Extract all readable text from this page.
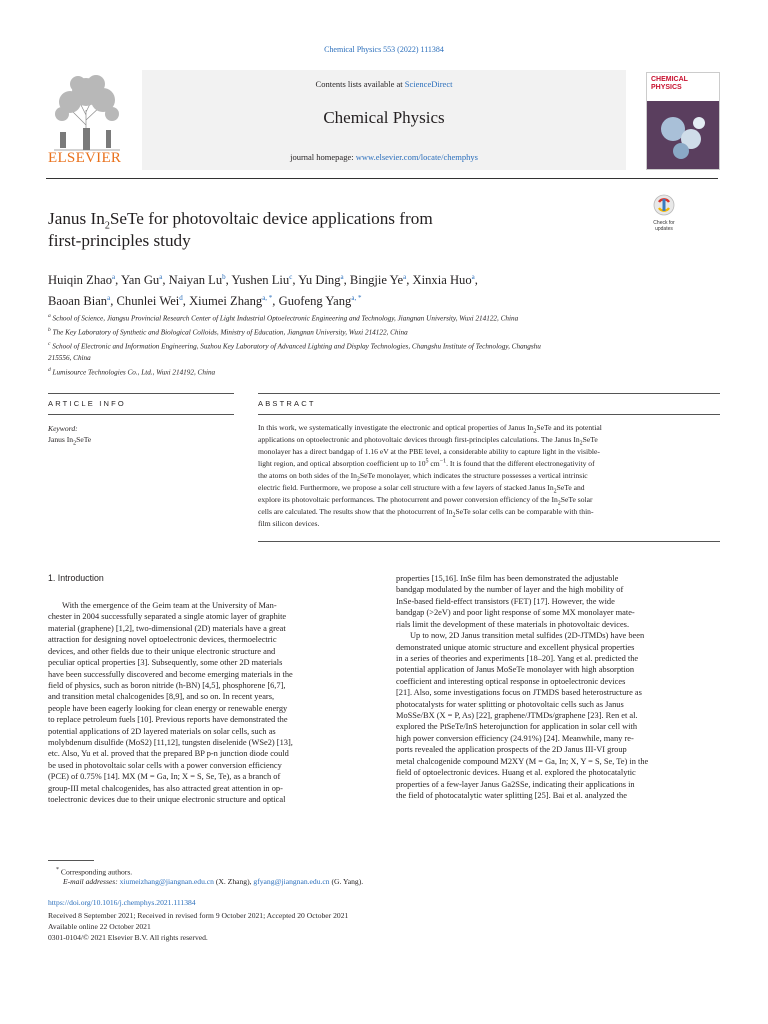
Chemical Physics 553 (2022) 111384
ELSEVIER
Contents lists available at ScienceDirect
Chemical Physics
journal homepage: www.elsevier.com/locate/chemphys
CHEMICAL
PHYSICS
Janus $In_2SeTe$ for photovoltaic device applications from
first-principles study
Check for
updates
Huiqin Zhao$^a$, Yan Gu$^a$, Naiyan Lu$^b$, Yushen Liu$^c$, Yu Ding$^a$, Bingjie Ye$^a$, Xinxia Huo$^a$,
Baoan Bian$^a$, Chunlei Wei$^d$, Xiumei Zhang$^{a, *}$, Guofeng Yang$^{a, *}$
$^a$ School of Science, Jiangsu Provincial Research Center of Light Industrial Optoelectronic Engineering and Technology, Jiangnan University, Wuxi 214122, China
$^b$ The Key Laboratory of Synthetic and Biological Colloids, Ministry of Education, Jiangnan University, Wuxi 214122, China
$^c$ School of Electronic and Information Engineering, Suzhou Key Laboratory of Advanced Lighting and Display Technologies, Changshu Institute of Technology, Changshu
215556, China
$^d$ Lumisource Technologies Co., Ltd., Wuxi 214192, China
ARTICLE INFO	ABSTRACT
Keyword:
Janus $In_2SeTe$
In this work, we systematically investigate the electronic and optical properties of Janus $In_2SeTe$ and its potential
applications on optoelectronic and photovoltaic devices through first-principles calculations. The Janus $In_2SeTe$
monolayer has a direct bandgap of 1.16 eV at the PBE level, a considerable ability to capture light in the visible-
light region, and optical absorption coefficient up to $10^5$ $cm^{-1}$. It is found that the different electronegativity of
the atoms on both sides of the $In_2SeTe$ monolayer, which indicates the structure possesses a vertical intrinsic
electric field. Furthermore, we propose a solar cell structure with a few layers of stacked Janus $In_2SeTe$ and
explore its photovoltaic performances. The photocurrent and power conversion efficiency of the $In_2SeTe$ solar
cells are calculated. The results show that the photocurrent of $In_2SeTe$ solar cells can be comparable with thin-
film silicon devices.
1. Introduction
With the emergence of the Geim team at the University of Man-
chester in 2004 successfully separated a single atomic layer of graphite
material (graphene) [1,2], two-dimensional (2D) materials have a great
attraction for designing novel optoelectronic devices, thermoelectric
devices, and other fields due to their unique electronic structure and
peculiar optical properties [3]. Subsequently, some other 2D materials
have been successfully discovered and become emerging materials in the
field of physics, such as boron nitride (h-BN) [4,5], phosphorene [6,7],
and transition metal chalcogenides [8,9], and so on. In recent years,
people have been eagerly looking for clean energy or renewable energy
to replace petroleum fuels [10]. Previous reports have demonstrated the
potential applications of 2D layered materials on solar cells, such as
molybdenum disulfide (MoS2) [11,12], tungsten diselenide (WSe2) [13],
etc. Also, Yu et al. proved that the prepared BP p-n junction diode could
be used in photovoltaic solar cells with a power conversion efficiency
(PCE) of 0.75% [14]. MX (M = Ga, In; X = S, Se, Te), as a branch of
group-III metal chalcogenides, has also attracted great attention in op-
toelectronic devices due to their unique electronic structure and optical
properties [15,16]. InSe film has been demonstrated the adjustable
bandgap modulated by the number of layer and the high mobility of
InSe-based field-effect transistors (FET) [17]. However, the wide
bandgap (>2eV) and poor light response of some MX monolayer mate-
rials limit the development of these materials in photovoltaic devices.
Up to now, 2D Janus transition metal sulfides (2D-JTMDs) have been
demonstrated unique atomic structure and excellent physical properties
in a series of theories and experiments [18–20]. Yang et al. predicted the
potential application of Janus MoSeTe monolayer with high absorption
coefficient and interesting optical response in optoelectronic devices
[21]. Also, some investigations focus on JTMDS based heterostructure as
photocatalysts for water splitting or photovoltaic cells such as Janus
MoSSe/BX (X = P, As) [22], graphene/JTMDs/graphene [23]. Ren et al.
explored the PtSeTe/InS heterojunction for application in solar cell with
high power conversion efficiency (24.91%) [24]. Meanwhile, many re-
ports revealed the application prospects of the 2D Janus III-VI group
metal chalcogenide compound M2XY (M = Ga, In; X, Y = S, Se, Te) in the
field of optoelectronic devices. Huang et al. explored the photocatalytic
properties of a few-layer Janus Ga2SSe, indicating their applications in
the field of photocatalytic water splitting [25]. Bai et al. analyzed the
* Corresponding authors.
E-mail addresses: xiumeizhang@jiangnan.edu.cn (X. Zhang), gfyang@jiangnan.edu.cn (G. Yang).
https://doi.org/10.1016/j.chemphys.2021.111384
Received 8 September 2021; Received in revised form 9 October 2021; Accepted 20 October 2021
Available online 22 October 2021
0301-0104/© 2021 Elsevier B.V. All rights reserved.
